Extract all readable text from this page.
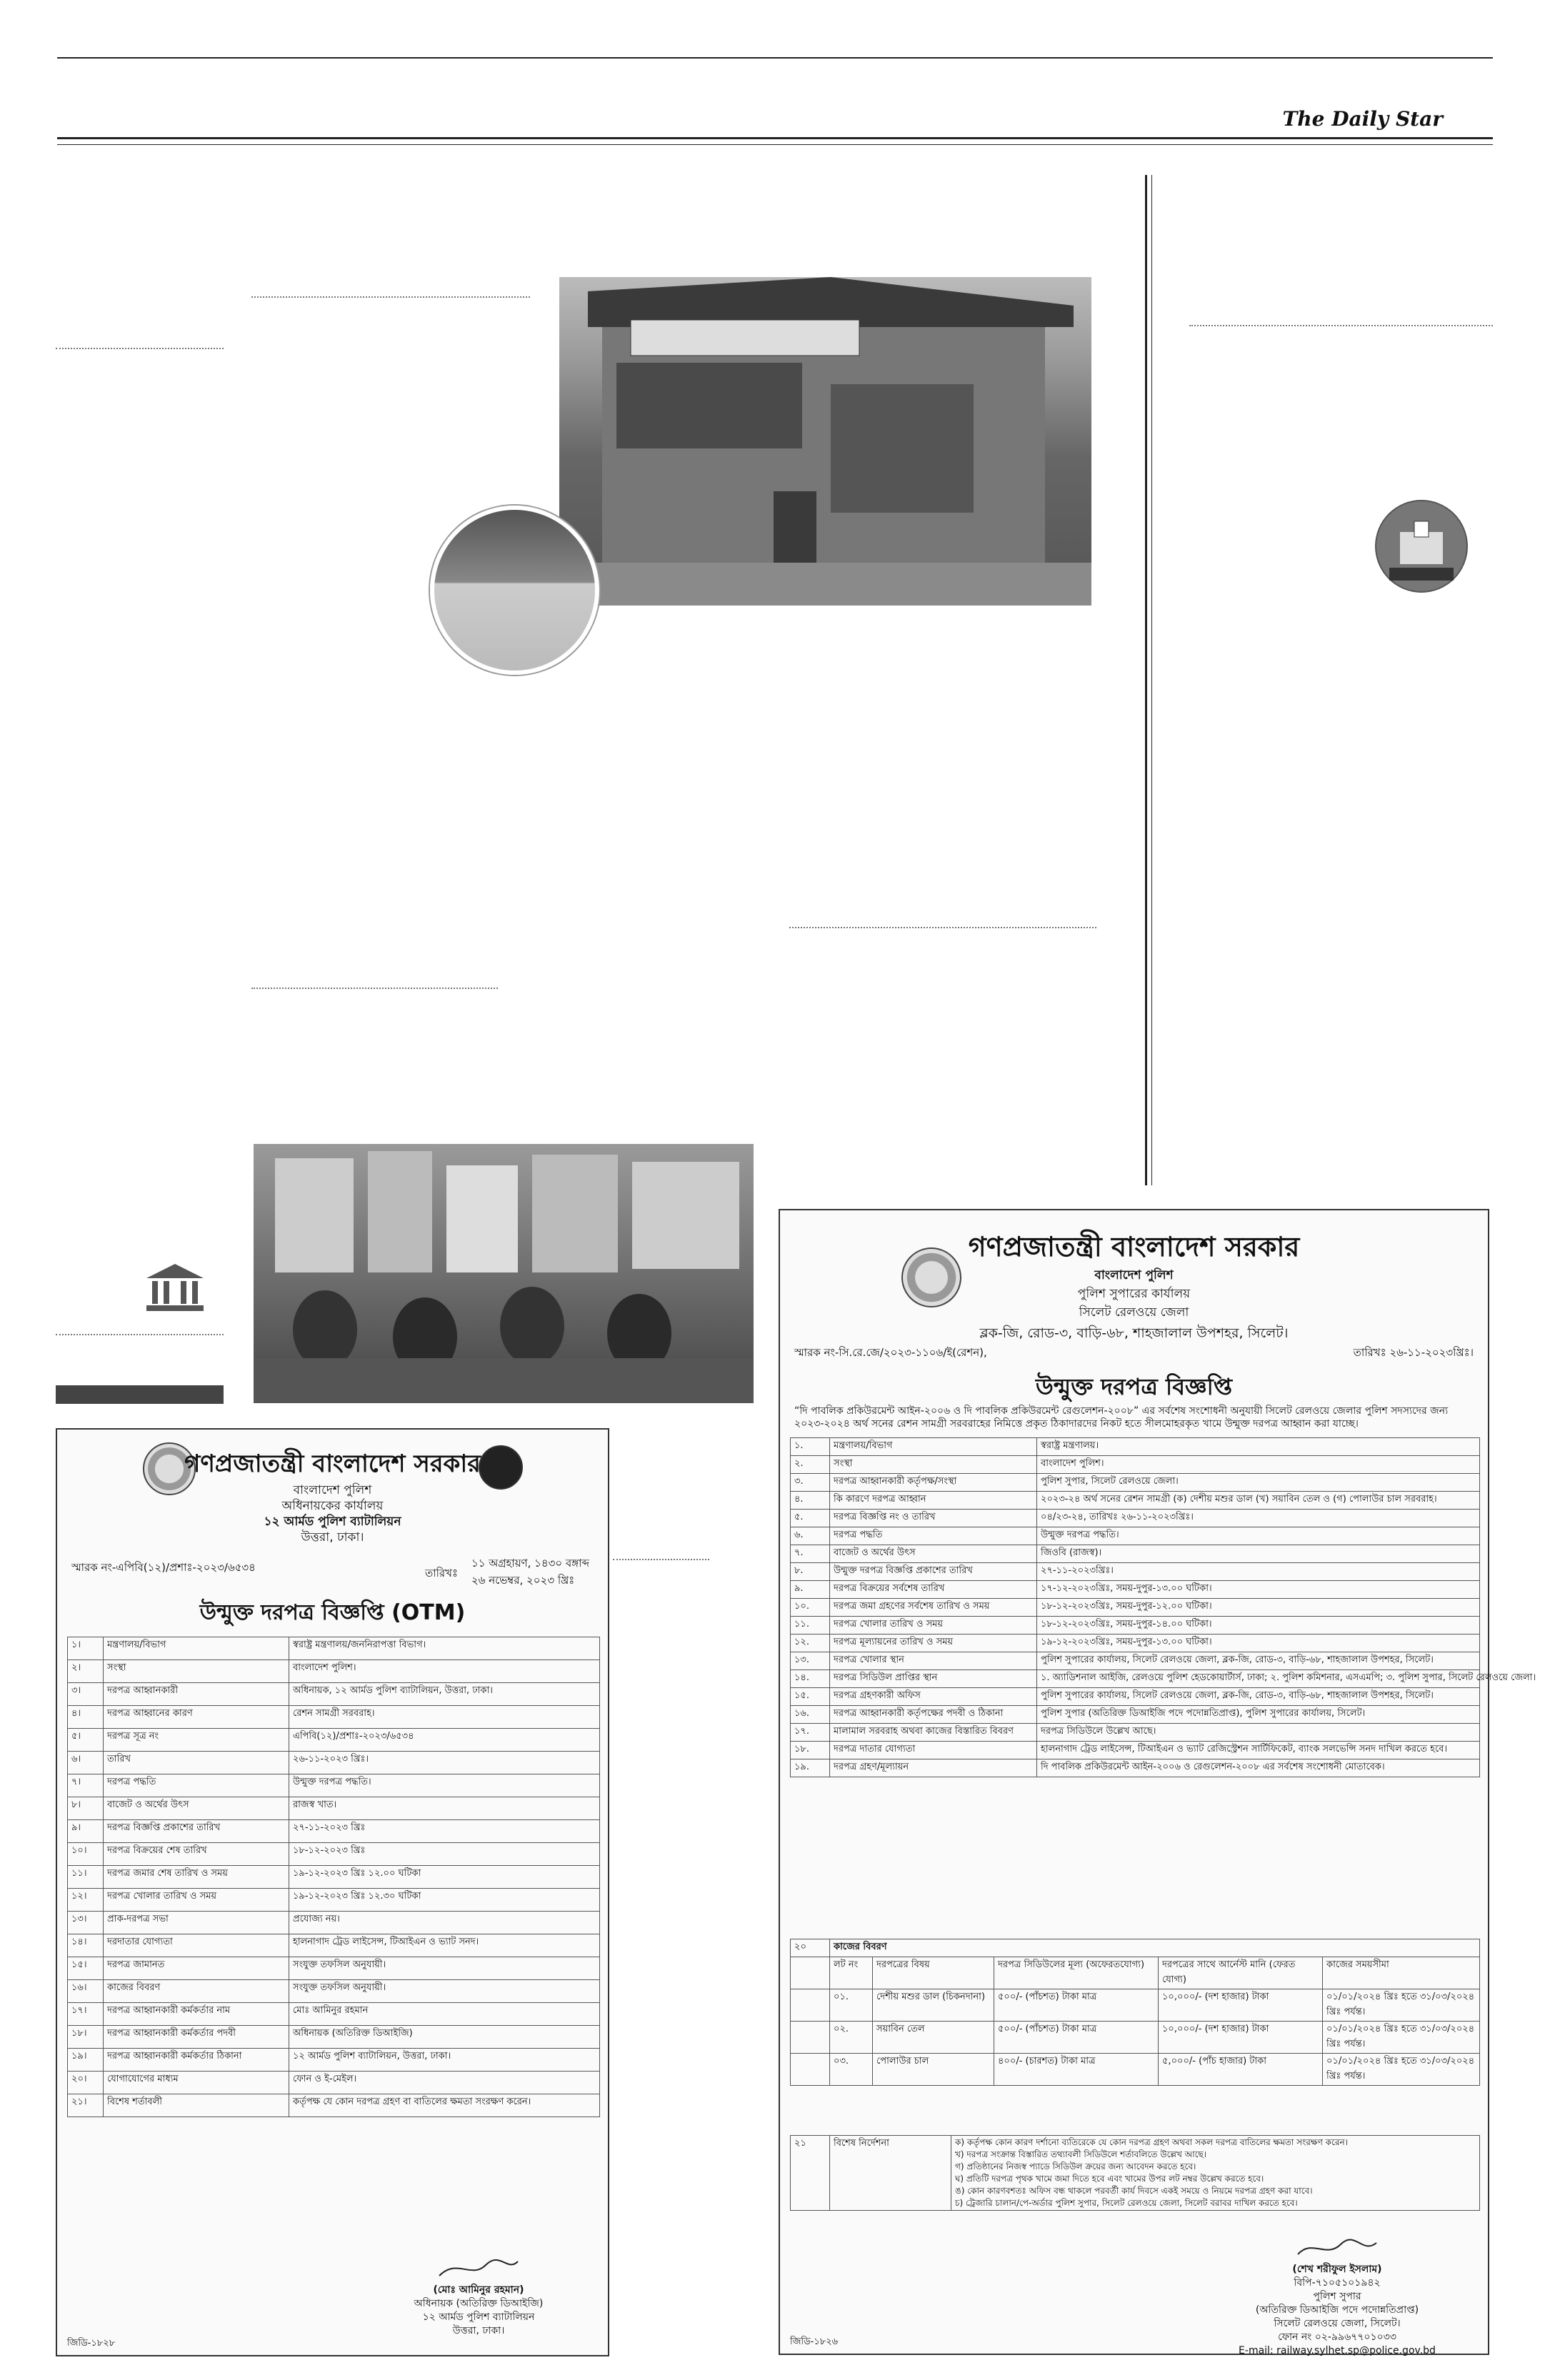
The Daily Star
গণপ্রজাতন্ত্রী বাংলাদেশ সরকার
বাংলাদেশ পুলিশ
অধিনায়কের কার্যালয়
১২ আর্মড পুলিশ ব্যাটালিয়ন
উত্তরা, ঢাকা।
স্মারক নং-এপিবি(১২)/প্রশাঃ-২০২৩/৬৫৩৪	তারিখঃ
১১ অগ্রহায়ণ, ১৪৩০ বঙ্গাব্দ
২৬ নভেম্বর, ২০২৩ খ্রিঃ
উন্মুক্ত দরপত্র বিজ্ঞপ্তি (OTM)
১।	মন্ত্রণালয়/বিভাগ	স্বরাষ্ট্র মন্ত্রণালয়/জননিরাপত্তা বিভাগ।
২।	সংস্থা	বাংলাদেশ পুলিশ।
৩।	দরপত্র আহ্বানকারী	অধিনায়ক, ১২ আর্মড পুলিশ ব্যাটালিয়ন, উত্তরা, ঢাকা।
৪।	দরপত্র আহ্বানের কারণ	রেশন সামগ্রী সরবরাহ।
৫।	দরপত্র সূত্র নং	এপিবি(১২)/প্রশাঃ-২০২৩/৬৫৩৪
৬।	তারিখ	২৬-১১-২০২৩ খ্রিঃ।
৭।	দরপত্র পদ্ধতি	উন্মুক্ত দরপত্র পদ্ধতি।
৮।	বাজেট ও অর্থের উৎস	রাজস্ব খাত।
৯।	দরপত্র বিজ্ঞপ্তি প্রকাশের তারিখ	২৭-১১-২০২৩ খ্রিঃ
১০।	দরপত্র বিক্রয়ের শেষ তারিখ	১৮-১২-২০২৩ খ্রিঃ
১১।	দরপত্র জমার শেষ তারিখ ও সময়	১৯-১২-২০২৩ খ্রিঃ ১২.০০ ঘটিকা
১২।	দরপত্র খোলার তারিখ ও সময়	১৯-১২-২০২৩ খ্রিঃ ১২.৩০ ঘটিকা
১৩।	প্রাক-দরপত্র সভা	প্রযোজ্য নয়।
১৪।	দরদাতার যোগ্যতা	হালনাগাদ ট্রেড লাইসেন্স, টিআইএন ও ভ্যাট সনদ।
১৫।	দরপত্র জামানত	সংযুক্ত তফসিল অনুযায়ী।
১৬।	কাজের বিবরণ	সংযুক্ত তফসিল অনুযায়ী।
১৭।	দরপত্র আহ্বানকারী কর্মকর্তার নাম	মোঃ আমিনুর রহমান
১৮।	দরপত্র আহ্বানকারী কর্মকর্তার পদবী	অধিনায়ক (অতিরিক্ত ডিআইজি)
১৯।	দরপত্র আহ্বানকারী কর্মকর্তার ঠিকানা	১২ আর্মড পুলিশ ব্যাটালিয়ন, উত্তরা, ঢাকা।
২০।	যোগাযোগের মাধ্যম	ফোন ও ই-মেইল।
২১।	বিশেষ শর্তাবলী	কর্তৃপক্ষ যে কোন দরপত্র গ্রহণ বা বাতিলের ক্ষমতা সংরক্ষণ করেন।

(মোঃ আমিনুর রহমান)
অধিনায়ক (অতিরিক্ত ডিআইজি)
১২ আর্মড পুলিশ ব্যাটালিয়ন
উত্তরা, ঢাকা।
জিডি-১৮২৮
গণপ্রজাতন্ত্রী বাংলাদেশ সরকার
বাংলাদেশ পুলিশ
পুলিশ সুপারের কার্যালয়
সিলেট রেলওয়ে জেলা
ব্লক-জি, রোড-৩, বাড়ি-৬৮, শাহজালাল উপশহর, সিলেট।
স্মারক নং-সি.রে.জে/২০২৩-১১০৬/ই(রেশন),	তারিখঃ ২৬-১১-২০২৩খ্রিঃ।
উন্মুক্ত দরপত্র বিজ্ঞপ্তি
“দি পাবলিক প্রকিউরমেন্ট আইন-২০০৬ ও দি পাবলিক প্রকিউরমেন্ট রেগুলেশন-২০০৮” এর সর্বশেষ সংশোধনী অনুযায়ী সিলেট রেলওয়ে জেলার পুলিশ সদস্যদের জন্য ২০২৩-২০২৪ অর্থ সনের রেশন সামগ্রী সরবরাহের নিমিত্তে প্রকৃত ঠিকাদারদের নিকট হতে সীলমোহরকৃত খামে উন্মুক্ত দরপত্র আহ্বান করা যাচ্ছে।
১.	মন্ত্রণালয়/বিভাগ	স্বরাষ্ট্র মন্ত্রণালয়।
২.	সংস্থা	বাংলাদেশ পুলিশ।
৩.	দরপত্র আহ্বানকারী কর্তৃপক্ষ/সংস্থা	পুলিশ সুপার, সিলেট রেলওয়ে জেলা।
৪.	কি কারণে দরপত্র আহ্বান	২০২৩-২৪ অর্থ সনের রেশন সামগ্রী (ক) দেশীয় মশুর ডাল (খ) সয়াবিন তেল ও (গ) পোলাউর চাল সরবরাহ।
৫.	দরপত্র বিজ্ঞপ্তি নং ও তারিখ	০৪/২৩-২৪, তারিখঃ ২৬-১১-২০২৩খ্রিঃ।
৬.	দরপত্র পদ্ধতি	উন্মুক্ত দরপত্র পদ্ধতি।
৭.	বাজেট ও অর্থের উৎস	জিওবি (রাজস্ব)।
৮.	উন্মুক্ত দরপত্র বিজ্ঞপ্তি প্রকাশের তারিখ	২৭-১১-২০২৩খ্রিঃ।
৯.	দরপত্র বিক্রয়ের সর্বশেষ তারিখ	১৭-১২-২০২৩খ্রিঃ, সময়-দুপুর-১৩.০০ ঘটিকা।
১০.	দরপত্র জমা গ্রহণের সর্বশেষ তারিখ ও সময়	১৮-১২-২০২৩খ্রিঃ, সময়-দুপুর-১২.০০ ঘটিকা।
১১.	দরপত্র খোলার তারিখ ও সময়	১৮-১২-২০২৩খ্রিঃ, সময়-দুপুর-১৪.০০ ঘটিকা।
১২.	দরপত্র মূল্যায়নের তারিখ ও সময়	১৯-১২-২০২৩খ্রিঃ, সময়-দুপুর-১৩.০০ ঘটিকা।
১৩.	দরপত্র খোলার স্থান	পুলিশ সুপারের কার্যালয়, সিলেট রেলওয়ে জেলা, ব্লক-জি, রোড-৩, বাড়ি-৬৮, শাহজালাল উপশহর, সিলেট।
১৪.	দরপত্র সিডিউল প্রাপ্তির স্থান	১. অ্যাডিশনাল আইজি, রেলওয়ে পুলিশ হেডকোয়ার্টার্স, ঢাকা; ২. পুলিশ কমিশনার, এসএমপি; ৩. পুলিশ সুপার, সিলেট রেলওয়ে জেলা।
১৫.	দরপত্র গ্রহণকারী অফিস	পুলিশ সুপারের কার্যালয়, সিলেট রেলওয়ে জেলা, ব্লক-জি, রোড-৩, বাড়ি-৬৮, শাহজালাল উপশহর, সিলেট।
১৬.	দরপত্র আহ্বানকারী কর্তৃপক্ষের পদবী ও ঠিকানা	পুলিশ সুপার (অতিরিক্ত ডিআইজি পদে পদোন্নতিপ্রাপ্ত), পুলিশ সুপারের কার্যালয়, সিলেট।
১৭.	মালামাল সরবরাহ অথবা কাজের বিস্তারিত বিবরণ	দরপত্র সিডিউলে উল্লেখ আছে।
১৮.	দরপত্র দাতার যোগ্যতা	হালনাগাদ ট্রেড লাইসেন্স, টিআইএন ও ভ্যাট রেজিস্ট্রেশন সার্টিফিকেট, ব্যাংক সলভেন্সি সনদ দাখিল করতে হবে।
১৯.	দরপত্র গ্রহণ/মূল্যায়ন	দি পাবলিক প্রকিউরমেন্ট আইন-২০০৬ ও রেগুলেশন-২০০৮ এর সর্বশেষ সংশোধনী মোতাবেক।
২০	কাজের বিবরণ				
	লট নং	দরপত্রের বিষয়	দরপত্র সিডিউলের মূল্য (অফেরতযোগ্য)	দরপত্রের সাথে আর্নেস্ট মানি (ফেরত যোগ্য)	কাজের সময়সীমা
	০১.	দেশীয় মশুর ডাল (চিকনদানা)	৫০০/- (পাঁচশত) টাকা মাত্র	১০,০০০/- (দশ হাজার) টাকা	০১/০১/২০২৪ খ্রিঃ হতে ৩১/০৩/২০২৪ খ্রিঃ পর্যন্ত।
	০২.	সয়াবিন তেল	৫০০/- (পাঁচশত) টাকা মাত্র	১০,০০০/- (দশ হাজার) টাকা	০১/০১/২০২৪ খ্রিঃ হতে ৩১/০৩/২০২৪ খ্রিঃ পর্যন্ত।
	০৩.	পোলাউর চাল	৪০০/- (চারশত) টাকা মাত্র	৫,০০০/- (পাঁচ হাজার) টাকা	০১/০১/২০২৪ খ্রিঃ হতে ৩১/০৩/২০২৪ খ্রিঃ পর্যন্ত।
২১	বিশেষ নির্দেশনা	ক) কর্তৃপক্ষ কোন কারণ দর্শানো ব্যতিরেকে যে কোন দরপত্র গ্রহণ অথবা সকল দরপত্র বাতিলের ক্ষমতা সংরক্ষণ করেন।
খ) দরপত্র সংক্রান্ত বিস্তারিত তথ্যাবলী সিডিউলে শর্তাবলিতে উল্লেখ আছে।
গ) প্রতিষ্ঠানের নিজস্ব প্যাডে সিডিউল ক্রয়ের জন্য আবেদন করতে হবে।
ঘ) প্রতিটি দরপত্র পৃথক খামে জমা দিতে হবে এবং খামের উপর লট নম্বর উল্লেখ করতে হবে।
ঙ) কোন কারণবশতঃ অফিস বন্ধ থাকলে পরবর্তী কার্য দিবসে একই সময়ে ও নিয়মে দরপত্র গ্রহণ করা যাবে।
চ) ট্রেজারি চালান/পে-অর্ডার পুলিশ সুপার, সিলেট রেলওয়ে জেলা, সিলেট বরাবর দাখিল করতে হবে।

(শেখ শরীফুল ইসলাম)
বিপি-৭১০৫১০১৯৪২
পুলিশ সুপার
(অতিরিক্ত ডিআইজি পদে পদোন্নতিপ্রাপ্ত)
সিলেট রেলওয়ে জেলা, সিলেট।
ফোন নং ০২-৯৯৬৭৭০১০৩৩
E-mail: railway.sylhet.sp@police.gov.bd
জিডি-১৮২৬
